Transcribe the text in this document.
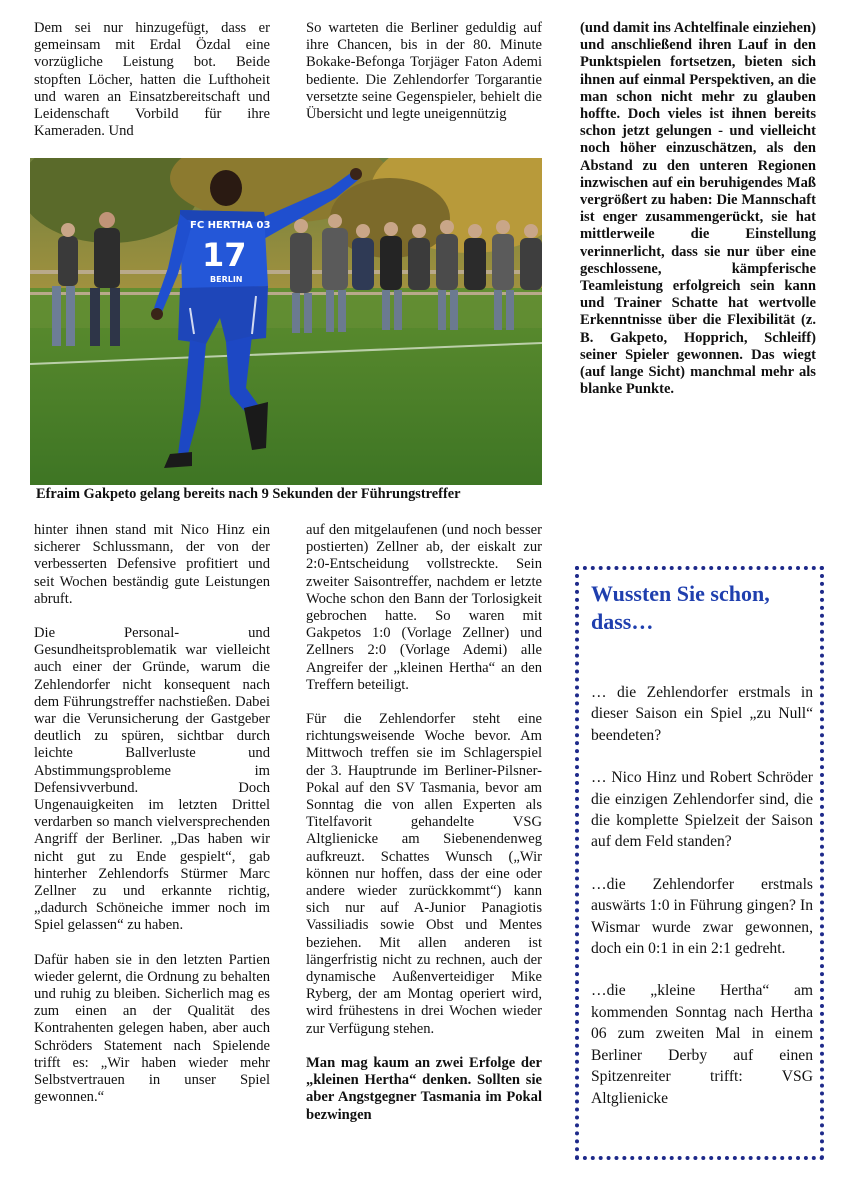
Dem sei nur hinzugefügt, dass er gemeinsam mit Erdal Özdal eine vorzügliche Leistung bot. Beide stopften Löcher, hatten die Lufthoheit und waren an Einsatzbereitschaft und Leidenschaft Vorbild für ihre Kameraden. Und

So warteten die Berliner geduldig auf ihre Chancen, bis in der 80. Minute Bokake-Befonga Torjäger Faton Ademi bediente. Die Zehlendorfer Torgarantie versetzte seine Gegenspieler, behielt die Übersicht und legte uneigennützig

(und damit ins Achtelfinale einziehen) und anschließend ihren Lauf in den Punktspielen fortsetzen, bieten sich ihnen auf einmal Perspektiven, an die man schon nicht mehr zu glauben hoffte. Doch vieles ist ihnen bereits schon jetzt gelungen - und vielleicht noch höher einzuschätzen, als den Abstand zu den unteren Regionen inzwischen auf ein beruhigendes Maß vergrößert zu haben: Die Mannschaft ist enger zusammengerückt, sie hat mittlerweile die Einstellung verinnerlicht, dass sie nur über eine geschlossene, kämpferische Teamleistung erfolgreich sein kann und Trainer Schatte hat wertvolle Erkenntnisse über die Flexibilität (z. B. Gakpeto, Hopprich, Schleiff) seiner Spieler gewonnen. Das wiegt (auf lange Sicht) manchmal mehr als blanke Punkte.

FC HERTHA 03
17
BERLIN
Efraim Gakpeto gelang bereits nach 9 Sekunden der Führungstreffer

hinter ihnen stand mit Nico Hinz ein sicherer Schlussmann, der von der verbesserten Defensive profitiert und seit Wochen beständig gute Leistungen abruft.

Die Personal- und Gesundheitsproblematik war vielleicht auch einer der Gründe, warum die Zehlendorfer nicht konsequent nach dem Führungstreffer nachstießen. Dabei war die Verunsicherung der Gastgeber deutlich zu spüren, sichtbar durch leichte Ballverluste und Abstimmungsprobleme im Defensivverbund. Doch Ungenauigkeiten im letzten Drittel verdarben so manch vielversprechenden Angriff der Berliner. „Das haben wir nicht gut zu Ende gespielt“, gab hinterher Zehlendorfs Stürmer Marc Zellner zu und erkannte richtig, „dadurch Schöneiche immer noch im Spiel gelassen“ zu haben.

Dafür haben sie in den letzten Partien wieder gelernt, die Ordnung zu behalten und ruhig zu bleiben. Sicherlich mag es zum einen an der Qualität des Kontrahenten gelegen haben, aber auch Schröders Statement nach Spielende trifft es: „Wir haben wieder mehr Selbstvertrauen in unser Spiel gewonnen.“

auf den mitgelaufenen (und noch besser postierten) Zellner ab, der eiskalt zur 2:0-Entscheidung vollstreckte. Sein zweiter Saisontreffer, nachdem er letzte Woche schon den Bann der Torlosigkeit gebrochen hatte. So waren mit Gakpetos 1:0 (Vorlage Zellner) und Zellners 2:0 (Vorlage Ademi) alle Angreifer der „kleinen Hertha“ an den Treffern beteiligt.

Für die Zehlendorfer steht eine richtungsweisende Woche bevor. Am Mittwoch treffen sie im Schlagerspiel der 3. Hauptrunde im Berliner-Pilsner-Pokal auf den SV Tasmania, bevor am Sonntag die von allen Experten als Titelfavorit gehandelte VSG Altglienicke am Siebenendenweg aufkreuzt. Schattes Wunsch („Wir können nur hoffen, dass der eine oder andere wieder zurückkommt“) kann sich nur auf A-Junior Panagiotis Vassiliadis sowie Obst und Mentes beziehen. Mit allen anderen ist längerfristig nicht zu rechnen, auch der dynamische Außenverteidiger Mike Ryberg, der am Montag operiert wird, wird frühestens in drei Wochen wieder zur Verfügung stehen.

Man mag kaum an zwei Erfolge der „kleinen Hertha“ denken. Sollten sie aber Angstgegner Tasmania im Pokal bezwingen

Wussten Sie schon, dass…

… die Zehlendorfer erstmals in dieser Saison ein Spiel „zu Null“ beendeten?

… Nico Hinz und Robert Schröder die einzigen Zehlendorfer sind, die die komplette Spielzeit der Saison auf dem Feld standen?

…die Zehlendorfer erstmals auswärts 1:0 in Führung gingen? In Wismar wurde zwar gewonnen, doch ein 0:1 in ein 2:1 gedreht.

…die „kleine Hertha“ am kommenden Sonntag nach Hertha 06 zum zweiten Mal in einem Berliner Derby auf einen Spitzenreiter trifft: VSG Altglienicke
